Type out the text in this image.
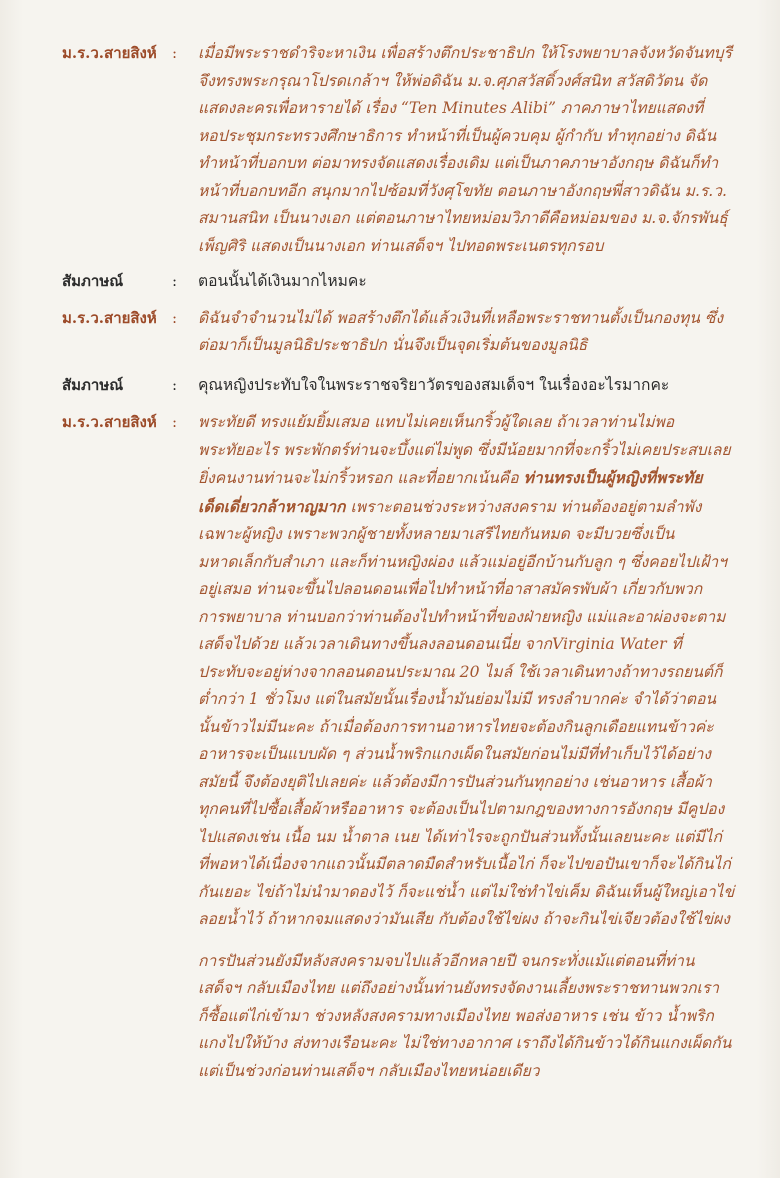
ม.ร.ว.สายสิงห์	:	เมื่อมีพระราชดำริจะหาเงิน เพื่อสร้างตึกประชาธิปก ให้โรงพยาบาลจังหวัดจันทบุรี
จึงทรงพระกรุณาโปรดเกล้าฯ ให้พ่อดิฉัน ม.จ.ศุภสวัสดิ์วงศ์สนิท สวัสดิวัตน จัด
แสดงละครเพื่อหารายได้ เรื่อง “Ten Minutes Alibi” ภาคภาษาไทยแสดงที่
หอประชุมกระทรวงศึกษาธิการ ทำหน้าที่เป็นผู้ควบคุม ผู้กำกับ ทำทุกอย่าง ดิฉัน
ทำหน้าที่บอกบท ต่อมาทรงจัดแสดงเรื่องเดิม แต่เป็นภาคภาษาอังกฤษ ดิฉันก็ทำ
หน้าที่บอกบทอีก สนุกมากไปซ้อมที่วังศุโขทัย ตอนภาษาอังกฤษพี่สาวดิฉัน ม.ร.ว.
สมานสนิท เป็นนางเอก แต่ตอนภาษาไทยหม่อมวิภาดีคือหม่อมของ ม.จ.จักรพันธุ์
เพ็ญศิริ แสดงเป็นนางเอก ท่านเสด็จฯ ไปทอดพระเนตรทุกรอบ
สัมภาษณ์	:	ตอนนั้นได้เงินมากไหมคะ
ม.ร.ว.สายสิงห์	:	ดิฉันจำจำนวนไม่ได้ พอสร้างตึกได้แล้วเงินที่เหลือพระราชทานตั้งเป็นกองทุน ซึ่ง
ต่อมาก็เป็นมูลนิธิประชาธิปก นั่นจึงเป็นจุดเริ่มต้นของมูลนิธิ
สัมภาษณ์	:	คุณหญิงประทับใจในพระราชจริยาวัตรของสมเด็จฯ ในเรื่องอะไรมากคะ
ม.ร.ว.สายสิงห์	:	พระทัยดี ทรงแย้มยิ้มเสมอ แทบไม่เคยเห็นกริ้วผู้ใดเลย ถ้าเวลาท่านไม่พอ
พระทัยอะไร พระพักตร์ท่านจะบึ้งแต่ไม่พูด ซึ่งมีน้อยมากที่จะกริ้วไม่เคยประสบเลย
ยิ่งคนงานท่านจะไม่กริ้วหรอก และที่อยากเน้นคือ ท่านทรงเป็นผู้หญิงที่พระทัย
เด็ดเดี่ยวกล้าหาญมาก เพราะตอนช่วงระหว่างสงคราม ท่านต้องอยู่ตามลำพัง
เฉพาะผู้หญิง เพราะพวกผู้ชายทั้งหลายมาเสรีไทยกันหมด จะมีบวยซึ่งเป็น
มหาดเล็กกับสำเภา และก็ท่านหญิงผ่อง แล้วแม่อยู่อีกบ้านกับลูก ๆ ซึ่งคอยไปเฝ้าฯ
อยู่เสมอ ท่านจะขึ้นไปลอนดอนเพื่อไปทำหน้าที่อาสาสมัครพับผ้า เกี่ยวกับพวก
การพยาบาล ท่านบอกว่าท่านต้องไปทำหน้าที่ของฝ่ายหญิง แม่และอาผ่องจะตาม
เสด็จไปด้วย แล้วเวลาเดินทางขึ้นลงลอนดอนเนี่ย จากVirginia Water ที่
ประทับจะอยู่ห่างจากลอนดอนประมาณ 20 ไมล์ ใช้เวลาเดินทางถ้าทางรถยนต์ก็
ต่ำกว่า 1 ชั่วโมง แต่ในสมัยนั้นเรื่องน้ำมันย่อมไม่มี ทรงลำบากค่ะ จำได้ว่าตอน
นั้นข้าวไม่มีนะคะ ถ้าเมื่อต้องการทานอาหารไทยจะต้องกินลูกเดือยแทนข้าวค่ะ
อาหารจะเป็นแบบผัด ๆ ส่วนน้ำพริกแกงเผ็ดในสมัยก่อนไม่มีที่ทำเก็บไว้ได้อย่าง
สมัยนี้ จึงต้องยุติไปเลยค่ะ แล้วต้องมีการปันส่วนกันทุกอย่าง เช่นอาหาร เสื้อผ้า
ทุกคนที่ไปซื้อเสื้อผ้าหรืออาหาร จะต้องเป็นไปตามกฎของทางการอังกฤษ มีคูปอง
ไปแสดงเช่น เนื้อ นม น้ำตาล เนย ได้เท่าไรจะถูกปันส่วนทั้งนั้นเลยนะคะ แต่มีไก่
ที่พอหาได้เนื่องจากแถวนั้นมีตลาดมืดสำหรับเนื้อไก่ ก็จะไปขอปันเขาก็จะได้กินไก่
กันเยอะ ไข่ถ้าไม่นำมาดองไว้ ก็จะแช่น้ำ แต่ไม่ใช่ทำไข่เค็ม ดิฉันเห็นผู้ใหญ่เอาไข่
ลอยน้ำไว้ ถ้าหากจมแสดงว่ามันเสีย กับต้องใช้ไข่ผง ถ้าจะกินไข่เจียวต้องใช้ไข่ผง
การปันส่วนยังมีหลังสงครามจบไปแล้วอีกหลายปี จนกระทั่งแม้แต่ตอนที่ท่าน
เสด็จฯ กลับเมืองไทย แต่ถึงอย่างนั้นท่านยังทรงจัดงานเลี้ยงพระราชทานพวกเรา
ก็ซื้อแต่ไก่เข้ามา ช่วงหลังสงครามทางเมืองไทย พอส่งอาหาร เช่น ข้าว น้ำพริก
แกงไปให้บ้าง ส่งทางเรือนะคะ ไม่ใช่ทางอากาศ เราถึงได้กินข้าวได้กินแกงเผ็ดกัน
แต่เป็นช่วงก่อนท่านเสด็จฯ กลับเมืองไทยหน่อยเดียว
